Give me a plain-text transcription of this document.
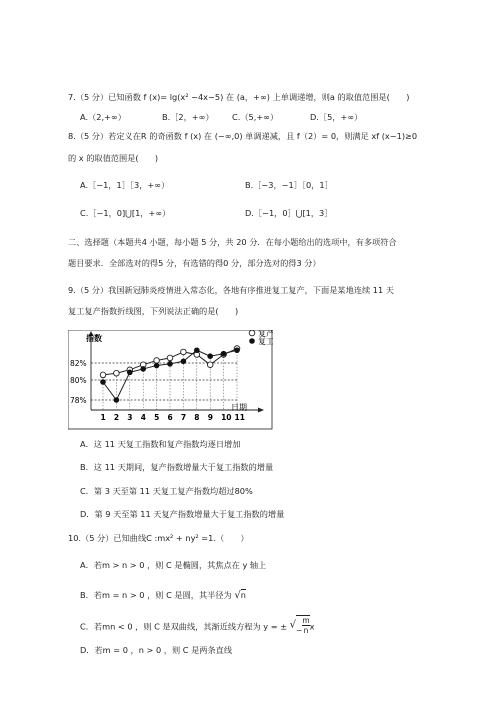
7.（5 分）已知函数 f (x)= lg(x² −4x−5) 在 (a，+∞) 上单调递增，则a 的取值范围是(　　)
A.（2,+∞）	B.［2，+∞） C.（5,+∞）	D.［5，+∞）
8.（5 分）若定义在R 的奇函数 f (x) 在 (−∞,0) 单调递减，且 f（2）= 0，则满足 xf (x−1)≥0
的 x 的取值范围是(　　)
A.［−1，1］［3，+∞）	B.［−3，−1］［0，1］
C.［−1，0]⋃[1，+∞）	D.［−1，0］⋃[1，3］
二、选择题（本题共4 小题，每小题 5 分，共 20 分．在每小题给出的选项中，有多项符合
题目要求．全部选对的得5 分，有选错的得0 分，部分选对的得3 分）
9.（5 分）我国新冠肺炎疫情进入常态化，各地有序推进复工复产，下面是某地连续 11 天
复工复产指数折线图，下列说法正确的是(　　)
82%
80%
78%
1 2 3 4 5 6 7 8 9 10 11
指数
日期
复产
复工
A．这 11 天复工指数和复产指数均逐日增加
B．这 11 天期间，复产指数增量大于复工指数的增量
C．第 3 天至第 11 天复工复产指数均超过80%
D．第 9 天至第 11 天复产指数增量大于复工指数的增量
10.（5 分）已知曲线C :mx² + ny² =1.（　　）
A．若m > n > 0 ，则 C 是椭圆，其焦点在 y 轴上
B．若m = n > 0 ，则 C 是圆，其半径为 √n
C．若mn < 0 ，则 C 是双曲线，其渐近线方程为 y = ± √− $\frac{m}{n}$ x
D．若m = 0 ，n > 0 ，则 C 是两条直线
